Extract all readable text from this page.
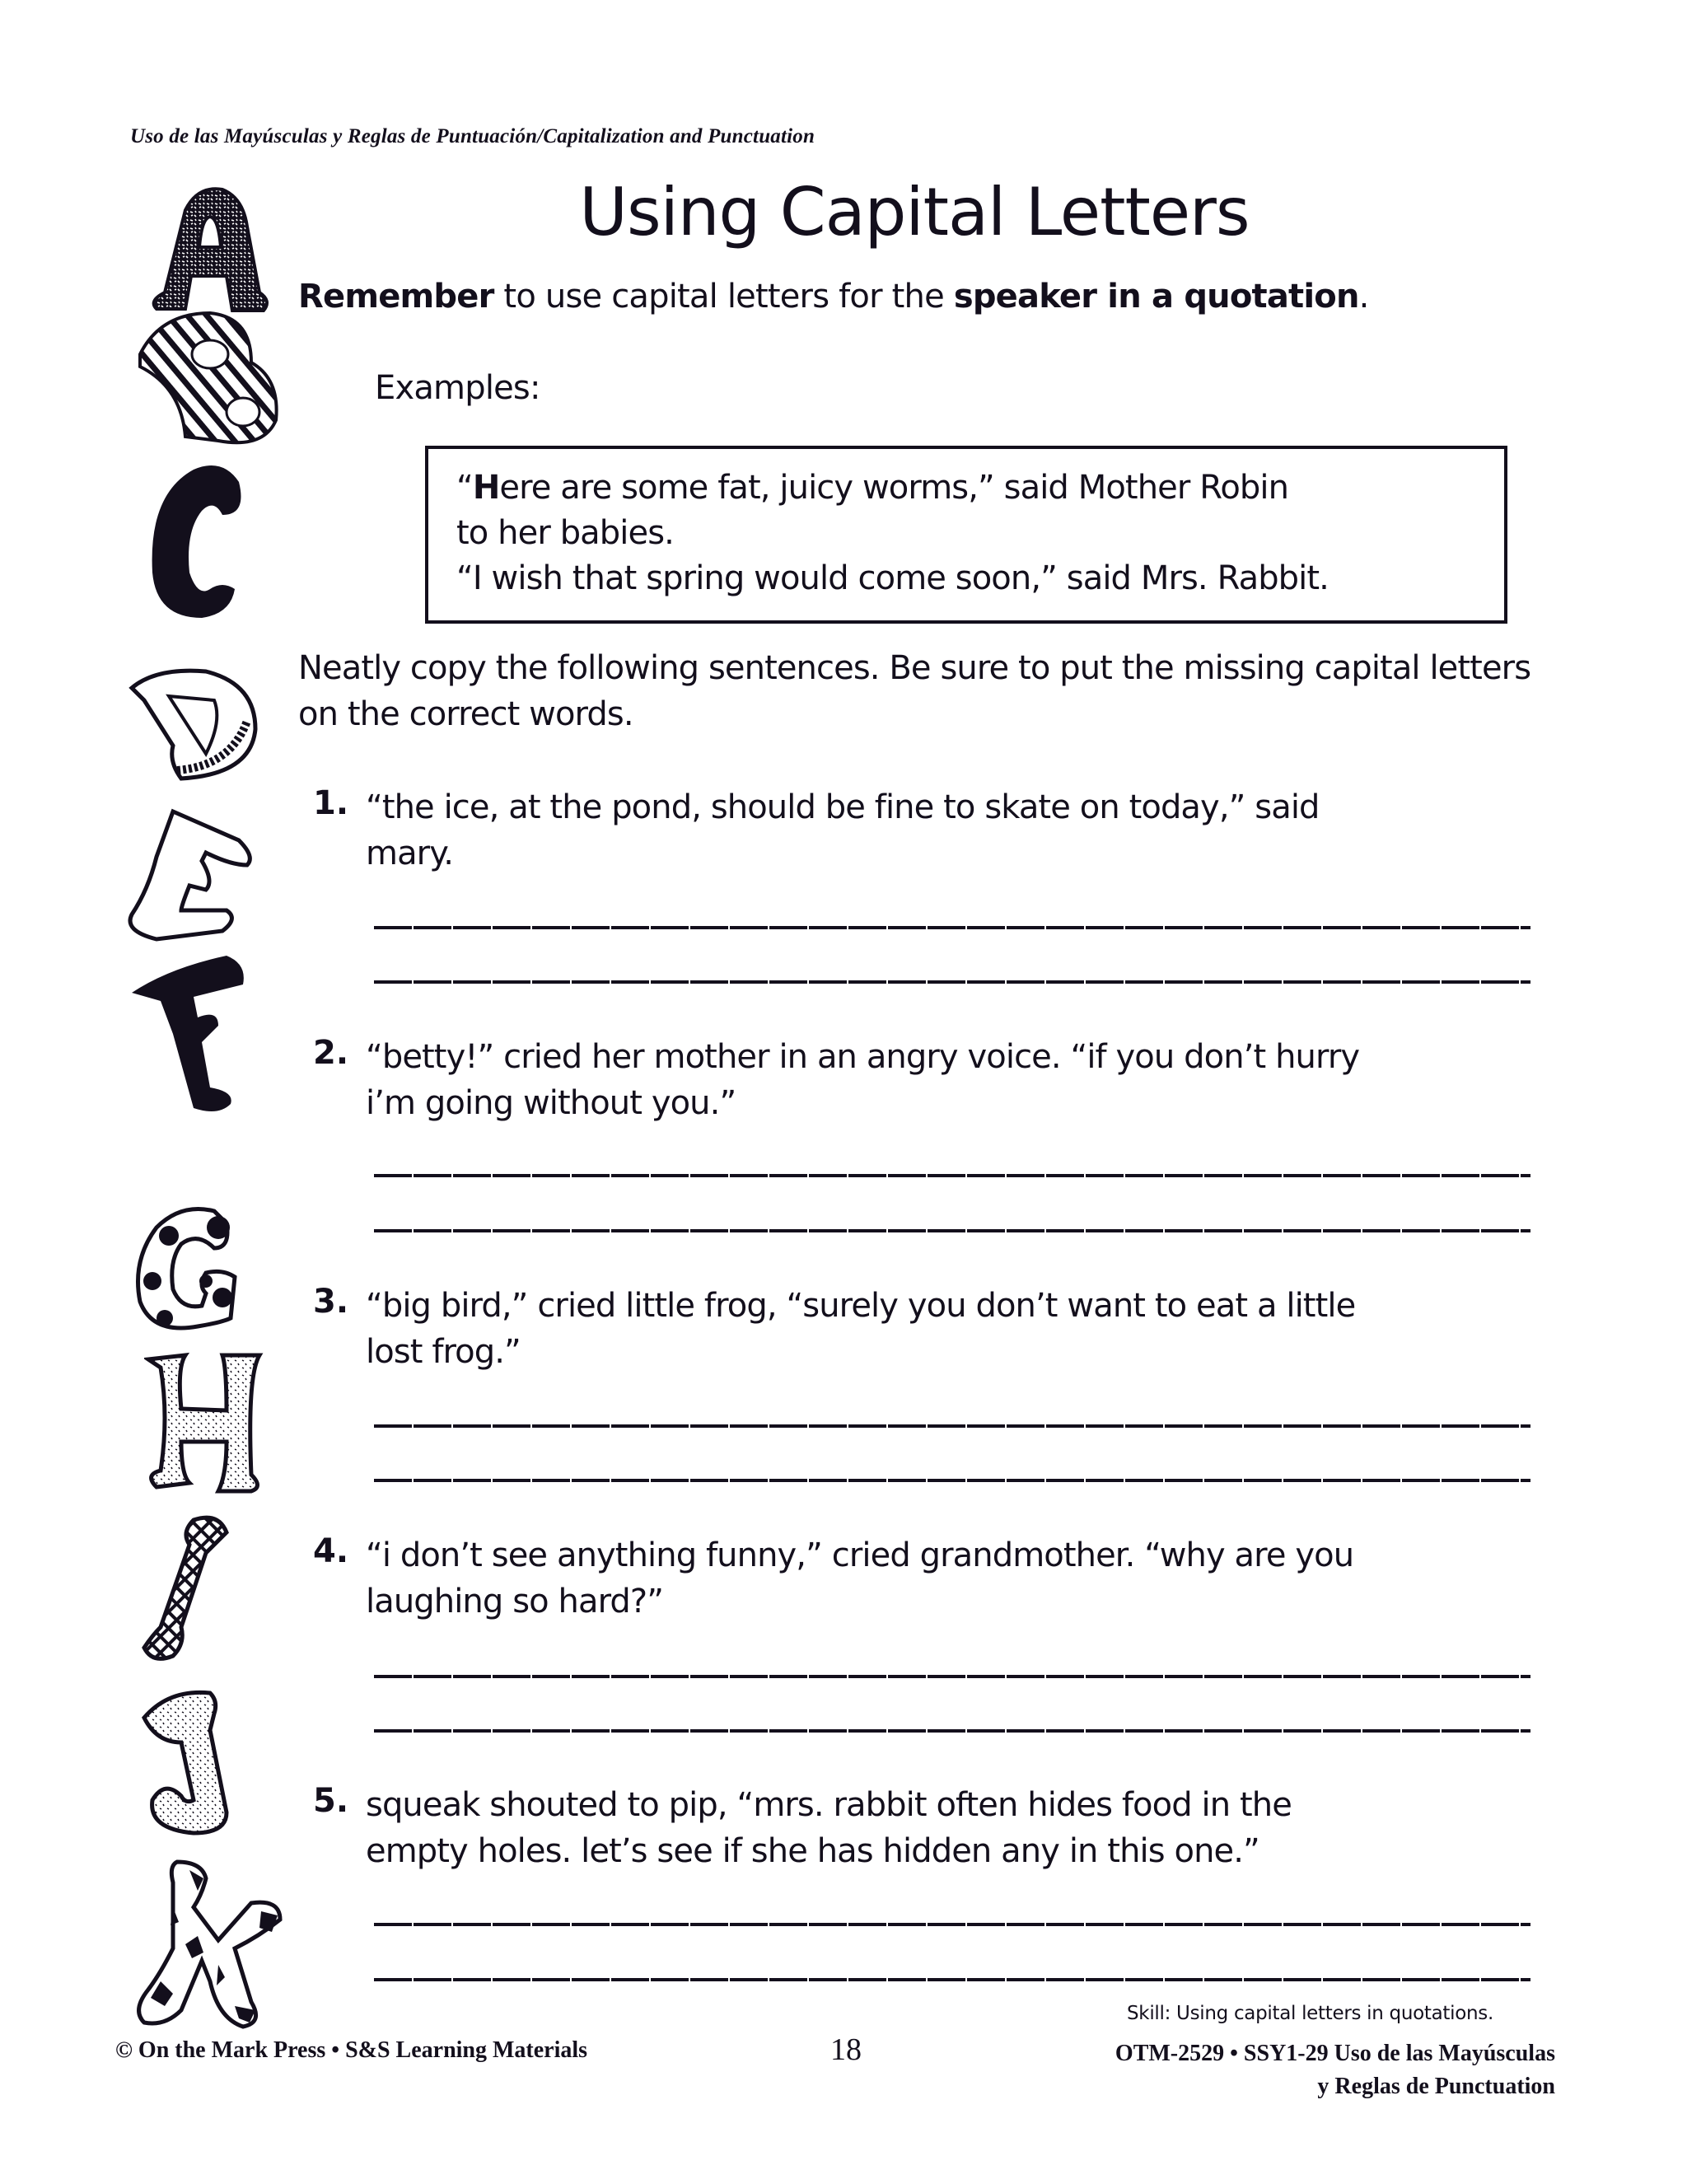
Uso de las Mayúsculas y Reglas de Puntuación/Capitalization and Punctuation
Using Capital Letters
Remember to use capital letters for the speaker in a quotation.
Examples:
“Here are some fat, juicy worms,” said Mother Robin
to her babies.
“I wish that spring would come soon,” said Mrs. Rabbit.
Neatly copy the following sentences. Be sure to put the missing capital letters on the correct words.
1. “the ice, at the pond, should be fine to skate on today,” said
mary.
2. “betty!” cried her mother in an angry voice. “if you don’t hurry
i’m going without you.”
3. “big bird,” cried little frog, “surely you don’t want to eat a little
lost frog.”
4. “i don’t see anything funny,” cried grandmother. “why are you
laughing so hard?”
5. squeak shouted to pip, “mrs. rabbit often hides food in the
empty holes. let’s see if she has hidden any in this one.”
Skill: Using capital letters in quotations.
© On the Mark Press • S&S Learning Materials	18	OTM-2529 • SSY1-29 Uso de las Mayúsculas
y Reglas de Punctuation
